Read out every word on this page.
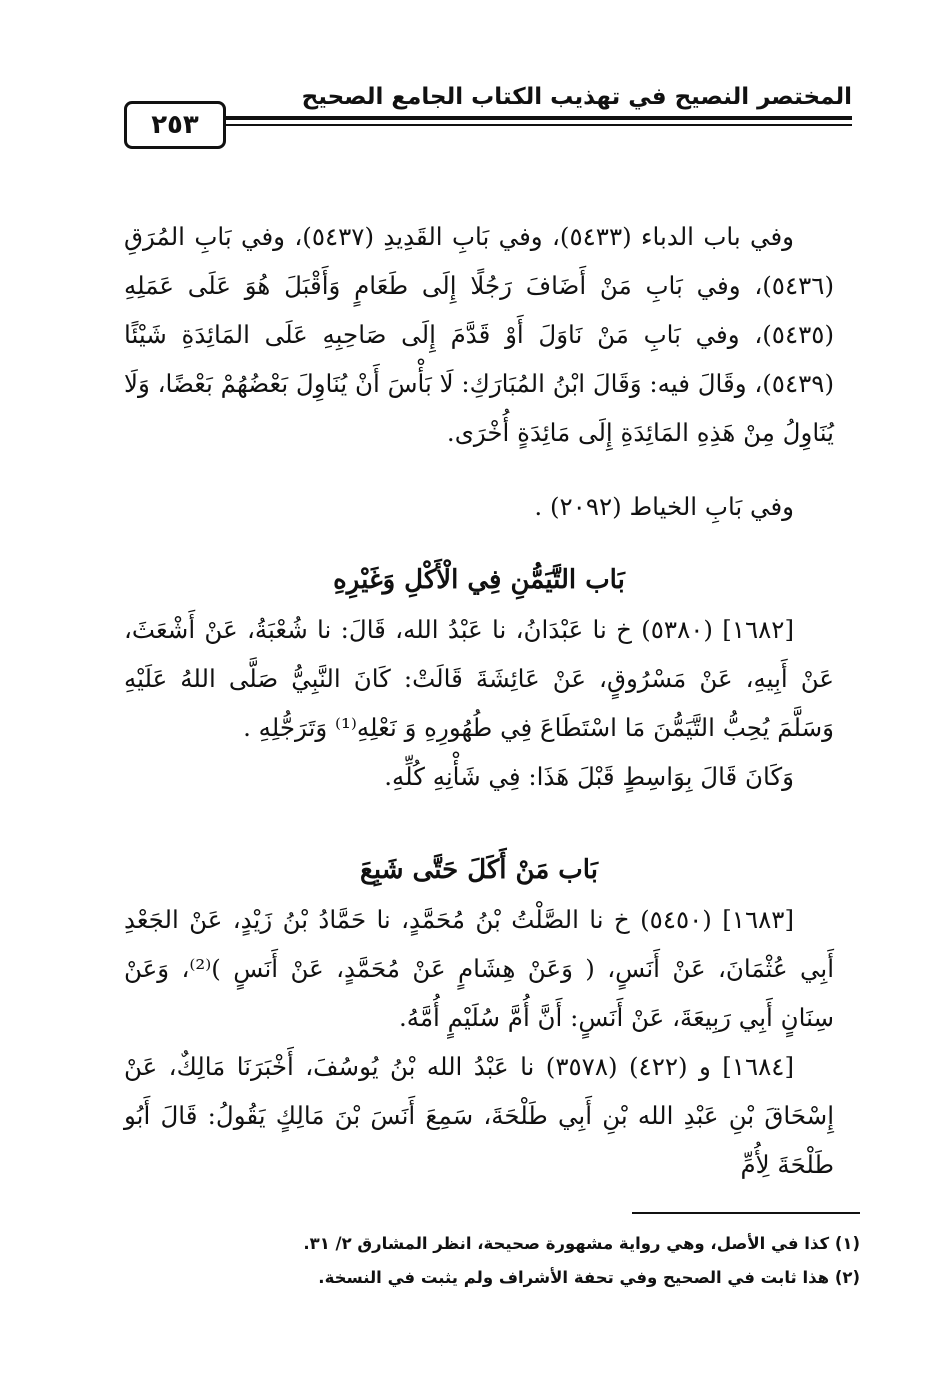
المختصر النصيح في تهذيب الكتاب الجامع الصحيح
٢٥٣

وفي باب الدباء (٥٤٣٣)، وفي بَابِ القَدِيدِ (٥٤٣٧)، وفي بَابِ المُرَقِ (٥٤٣٦)، وفي بَابِ مَنْ أَضَافَ رَجُلًا إِلَى طَعَامٍ وَأَقْبَلَ هُوَ عَلَى عَمَلِهِ (٥٤٣٥)، وفي بَابِ مَنْ نَاوَلَ أَوْ قَدَّمَ إِلَى صَاحِبِهِ عَلَى المَائِدَةِ شَيْئًا (٥٤٣٩)، وقَالَ فيه: وَقَالَ ابْنُ المُبَارَكِ: لَا بَأْسَ أَنْ يُنَاوِلَ بَعْضُهُمْ بَعْضًا، وَلَا يُنَاوِلُ مِنْ هَذِهِ المَائِدَةِ إِلَى مَائِدَةٍ أُخْرَى.

وفي بَابِ الخياط (٢٠٩٢) .

بَاب التَّيَمُّنِ فِي الْأَكْلِ وَغَيْرِهِ

[١٦٨٢] (٥٣٨٠) خ نا عَبْدَانُ، نا عَبْدُ الله، قَالَ: نا شُعْبَةُ، عَنْ أَشْعَثَ، عَنْ أَبِيهِ، عَنْ مَسْرُوقٍ، عَنْ عَائِشَةَ قَالَتْ: كَانَ النَّبِيُّ صَلَّى اللهُ عَلَيْهِ وَسَلَّمَ يُحِبُّ التَّيَمُّنَ مَا اسْتَطَاعَ فِي طُهُورِهِ وَ نَعْلِهِ⁽¹⁾ وَتَرَجُّلِهِ .

وَكَانَ قَالَ بِوَاسِطٍ قَبْلَ هَذَا: فِي شَأْنِهِ كُلِّهِ.

بَاب مَنْ أَكَلَ حَتَّى شَبِعَ

[١٦٨٣] (٥٤٥٠) خ نا الصَّلْتُ بْنُ مُحَمَّدٍ، نا حَمَّادُ بْنُ زَيْدٍ، عَنْ الجَعْدِ أَبِي عُثْمَانَ، عَنْ أَنَسٍ، ( وَعَنْ هِشَامٍ عَنْ مُحَمَّدٍ، عَنْ أَنَسٍ )⁽²⁾، وَعَنْ سِنَانٍ أَبِي رَبِيعَةَ، عَنْ أَنَسٍ: أَنَّ أُمَّ سُلَيْمٍ أُمَّهُ.

[١٦٨٤] و (٤٢٢) (٣٥٧٨) نا عَبْدُ الله بْنُ يُوسُفَ، أَخْبَرَنَا مَالِكٌ، عَنْ إِسْحَاقَ بْنِ عَبْدِ الله بْنِ أَبِي طَلْحَةَ، سَمِعَ أَنَسَ بْنَ مَالِكٍ يَقُولُ: قَالَ أَبُو طَلْحَةَ لِأُمِّ

(١) كذا في الأصل، وهي رواية مشهورة صحيحة، انظر المشارق ٢/ ٣١.
(٢) هذا ثابت في الصحيح وفي تحفة الأشراف ولم يثبت في النسخة.
